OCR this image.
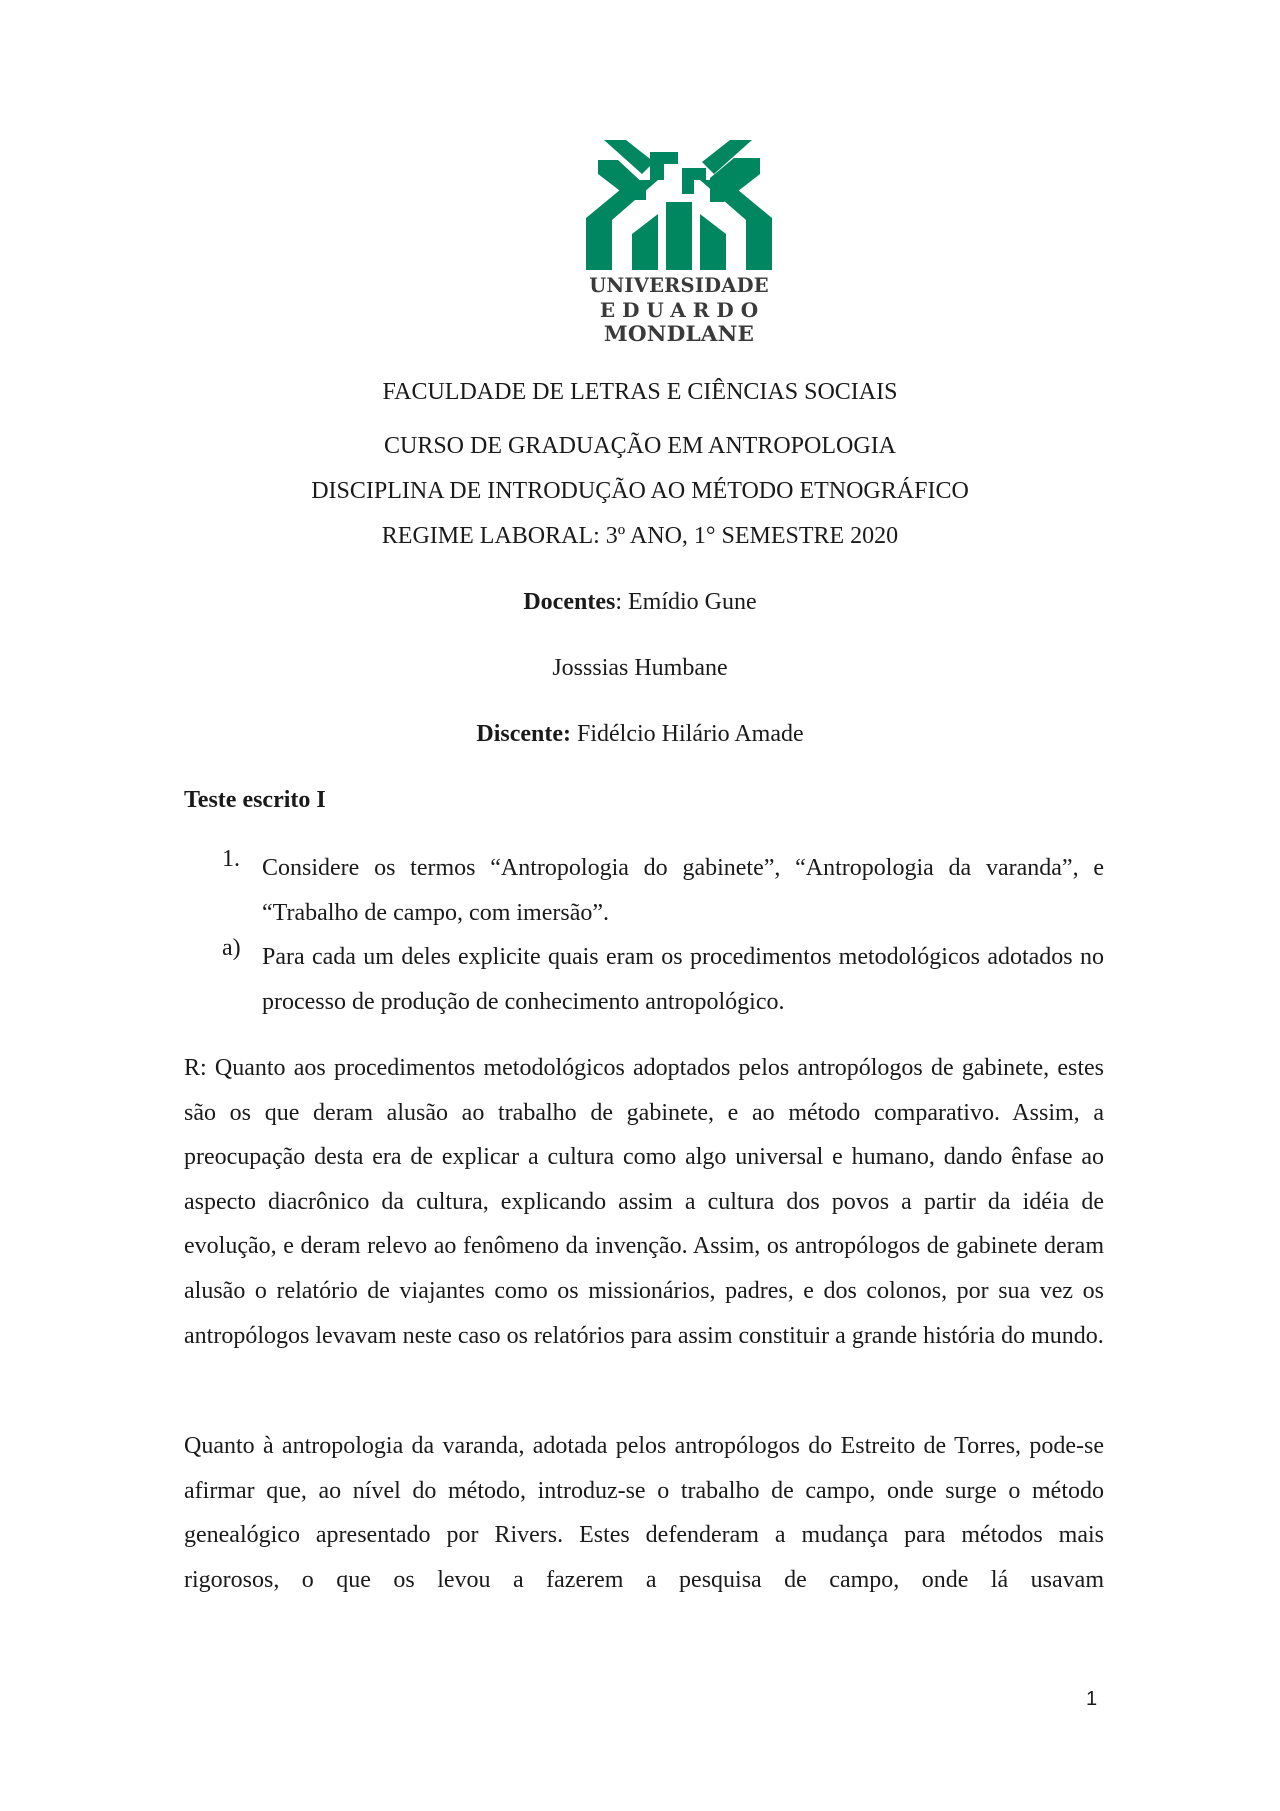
UNIVERSIDADE
EDUARDO
MONDLANE
FACULDADE DE LETRAS E CIÊNCIAS SOCIAIS
CURSO DE GRADUAÇÃO EM ANTROPOLOGIA
DISCIPLINA DE INTRODUÇÃO AO MÉTODO ETNOGRÁFICO
REGIME LABORAL: 3º ANO, 1° SEMESTRE 2020
Docentes: Emídio Gune
Josssias Humbane
Discente: Fidélcio Hilário Amade
Teste escrito I
1. Considere os termos “Antropologia do gabinete”, “Antropologia da varanda”, e “Trabalho de campo, com imersão”.
a) Para cada um deles explicite quais eram os procedimentos metodológicos adotados no processo de produção de conhecimento antropológico.

R: Quanto aos procedimentos metodológicos adoptados pelos antropólogos de gabinete, estes são os que deram alusão ao trabalho de gabinete, e ao método comparativo. Assim, a preocupação desta era de explicar a cultura como algo universal e humano, dando ênfase ao aspecto diacrônico da cultura, explicando assim a cultura dos povos a partir da idéia de evolução, e deram relevo ao fenômeno da invenção. Assim, os antropólogos de gabinete deram alusão o relatório de viajantes como os missionários, padres, e dos colonos, por sua vez os antropólogos levavam neste caso os relatórios para assim constituir a grande história do mundo.

Quanto à antropologia da varanda, adotada pelos antropólogos do Estreito de Torres, pode-se afirmar que, ao nível do método, introduz-se o trabalho de campo, onde surge o método genealógico apresentado por Rivers. Estes defenderam a mudança para métodos mais rigorosos, o que os levou a fazerem a pesquisa de campo, onde lá usavam

1
